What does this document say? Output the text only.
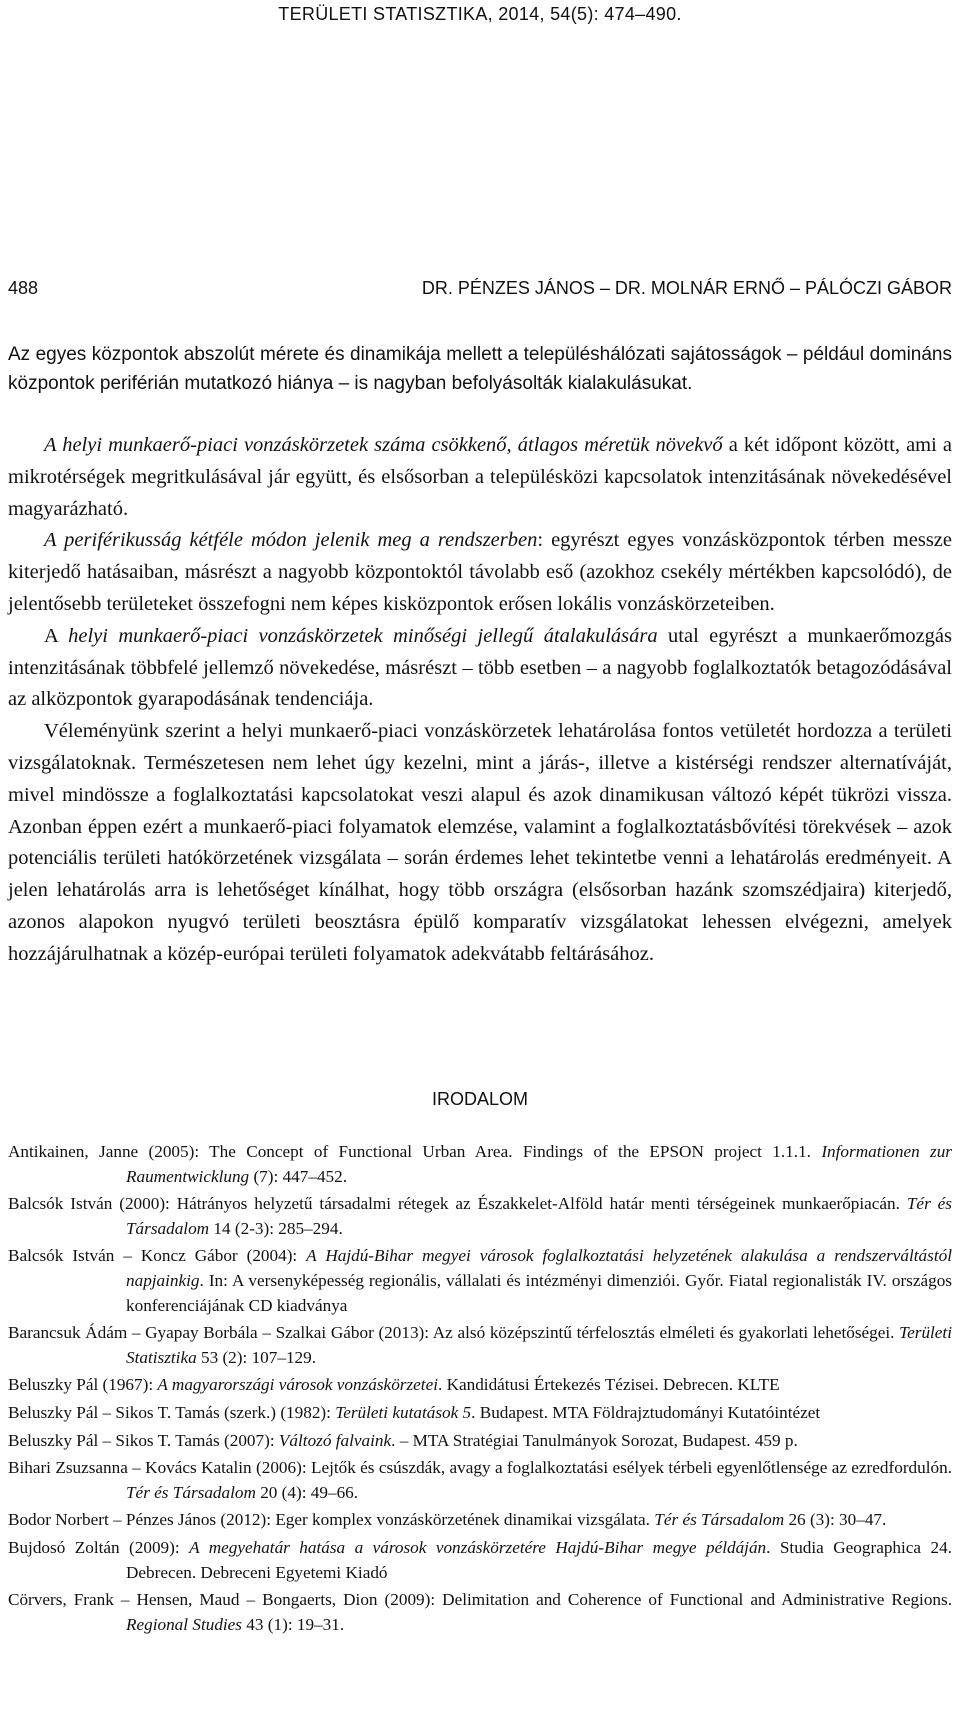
TERÜLETI STATISZTIKA, 2014, 54(5): 474–490.
488	DR. PÉNZES JÁNOS – DR. MOLNÁR ERNŐ – PÁLÓCZI GÁBOR
Az egyes központok abszolút mérete és dinamikája mellett a településhálózati sajátosságok – például domináns központok periférián mutatkozó hiánya – is nagyban befolyásolták kialakulásukat.

A helyi munkaerő-piaci vonzáskörzetek száma csökkenő, átlagos méretük növekvő a két időpont között, ami a mikrotérségek megritkulásával jár együtt, és elsősorban a településközi kapcsolatok intenzitásának növekedésével magyarázható.

A periférikusság kétféle módon jelenik meg a rendszerben: egyrészt egyes vonzásközpontok térben messze kiterjedő hatásaiban, másrészt a nagyobb központoktól távolabb eső (azokhoz csekély mértékben kapcsolódó), de jelentősebb területeket összefogni nem képes kisközpontok erősen lokális vonzáskörzeteiben.

A helyi munkaerő-piaci vonzáskörzetek minőségi jellegű átalakulására utal egyrészt a munkaerőmozgás intenzitásának többfelé jellemző növekedése, másrészt – több esetben – a nagyobb foglalkoztatók betagozódásával az alközpontok gyarapodásának tendenciája.

Véleményünk szerint a helyi munkaerő-piaci vonzáskörzetek lehatárolása fontos vetületét hordozza a területi vizsgálatoknak. Természetesen nem lehet úgy kezelni, mint a járás-, illetve a kistérségi rendszer alternatíváját, mivel mindössze a foglalkoztatási kapcsolatokat veszi alapul és azok dinamikusan változó képét tükrözi vissza. Azonban éppen ezért a munkaerő-piaci folyamatok elemzése, valamint a foglalkoztatásbővítési törekvések – azok potenciális területi hatókörzetének vizsgálata – során érdemes lehet tekintetbe venni a lehatárolás eredményeit. A jelen lehatárolás arra is lehetőséget kínálhat, hogy több országra (elsősorban hazánk szomszédjaira) kiterjedő, azonos alapokon nyugvó területi beosztásra épülő komparatív vizsgálatokat lehessen elvégezni, amelyek hozzájárulhatnak a közép-európai területi folyamatok adekvátabb feltárásához.

IRODALOM

Antikainen, Janne (2005): The Concept of Functional Urban Area. Findings of the EPSON project 1.1.1. Informationen zur Raumentwicklung (7): 447–452.

Balcsók István (2000): Hátrányos helyzetű társadalmi rétegek az Északkelet-Alföld határ menti térségeinek munkaerőpiacán. Tér és Társadalom 14 (2-3): 285–294.

Balcsók István – Koncz Gábor (2004): A Hajdú-Bihar megyei városok foglalkoztatási helyzetének alakulása a rendszerváltástól napjainkig. In: A versenyképesség regionális, vállalati és intézményi dimenziói. Győr. Fiatal regionalisták IV. országos konferenciájának CD kiadványa

Barancsuk Ádám – Gyapay Borbála – Szalkai Gábor (2013): Az alsó középszintű térfelosztás elméleti és gyakorlati lehetőségei. Területi Statisztika 53 (2): 107–129.

Beluszky Pál (1967): A magyarországi városok vonzáskörzetei. Kandidátusi Értekezés Tézisei. Debrecen. KLTE

Beluszky Pál – Sikos T. Tamás (szerk.) (1982): Területi kutatások 5. Budapest. MTA Földrajztudományi Kutatóintézet

Beluszky Pál – Sikos T. Tamás (2007): Változó falvaink. – MTA Stratégiai Tanulmányok Sorozat, Budapest. 459 p.

Bihari Zsuzsanna – Kovács Katalin (2006): Lejtők és csúszdák, avagy a foglalkoztatási esélyek térbeli egyenlőtlensége az ezredfordulón. Tér és Társadalom 20 (4): 49–66.

Bodor Norbert – Pénzes János (2012): Eger komplex vonzáskörzetének dinamikai vizsgálata. Tér és Társadalom 26 (3): 30–47.

Bujdosó Zoltán (2009): A megyehatár hatása a városok vonzáskörzetére Hajdú-Bihar megye példáján. Studia Geographica 24. Debrecen. Debreceni Egyetemi Kiadó

Cörvers, Frank – Hensen, Maud – Bongaerts, Dion (2009): Delimitation and Coherence of Functional and Administrative Regions. Regional Studies 43 (1): 19–31.
